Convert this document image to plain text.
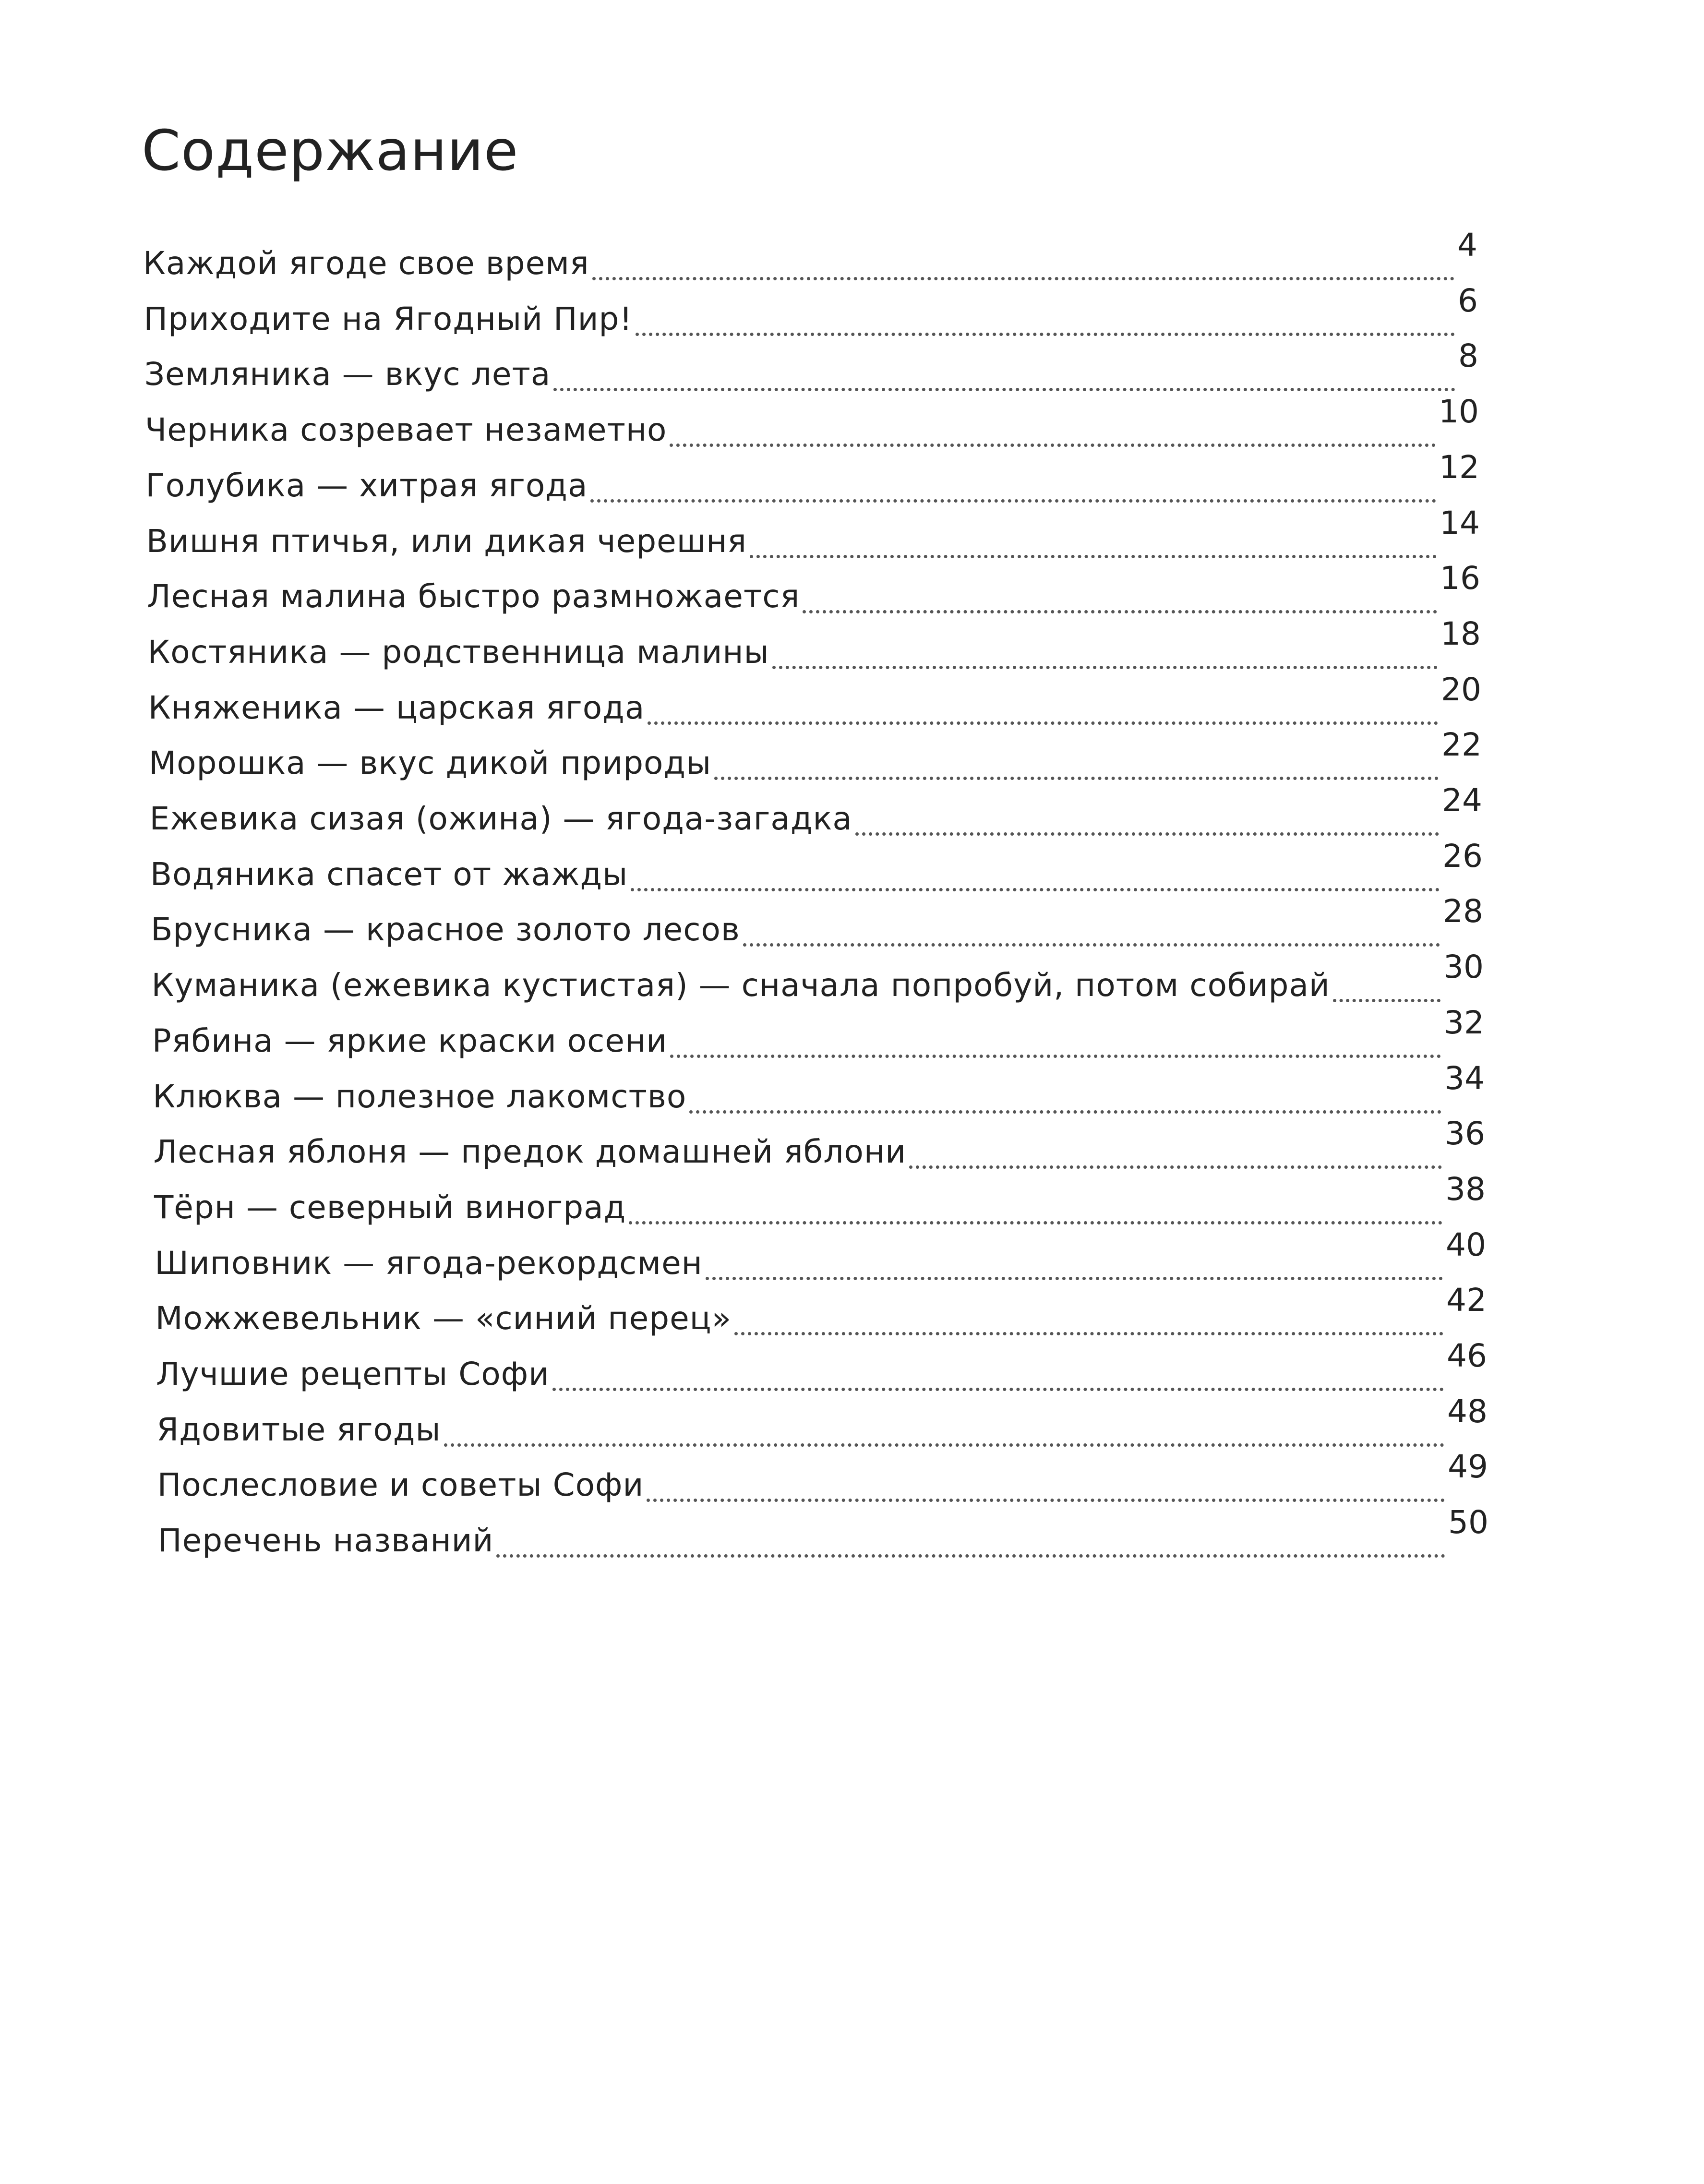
Содержание
Каждой ягоде свое время	4
Приходите на Ягодный Пир!	6
Земляника — вкус лета	8
Черника созревает незаметно	10
Голубика — хитрая ягода	12
Вишня птичья, или дикая черешня	14
Лесная малина быстро размножается	16
Костяника — родственница малины	18
Княженика — царская ягода	20
Морошка — вкус дикой природы	22
Ежевика сизая (ожина) — ягода-загадка	24
Водяника спасет от жажды	26
Брусника — красное золото лесов	28
Куманика (ежевика кустистая) — сначала попробуй, потом собирай	30
Рябина — яркие краски осени	32
Клюква — полезное лакомство	34
Лесная яблоня — предок домашней яблони	36
Тёрн — северный виноград	38
Шиповник — ягода-рекордсмен	40
Можжевельник — «синий перец»	42
Лучшие рецепты Софи	46
Ядовитые ягоды	48
Послесловие и советы Софи	49
Перечень названий	50
